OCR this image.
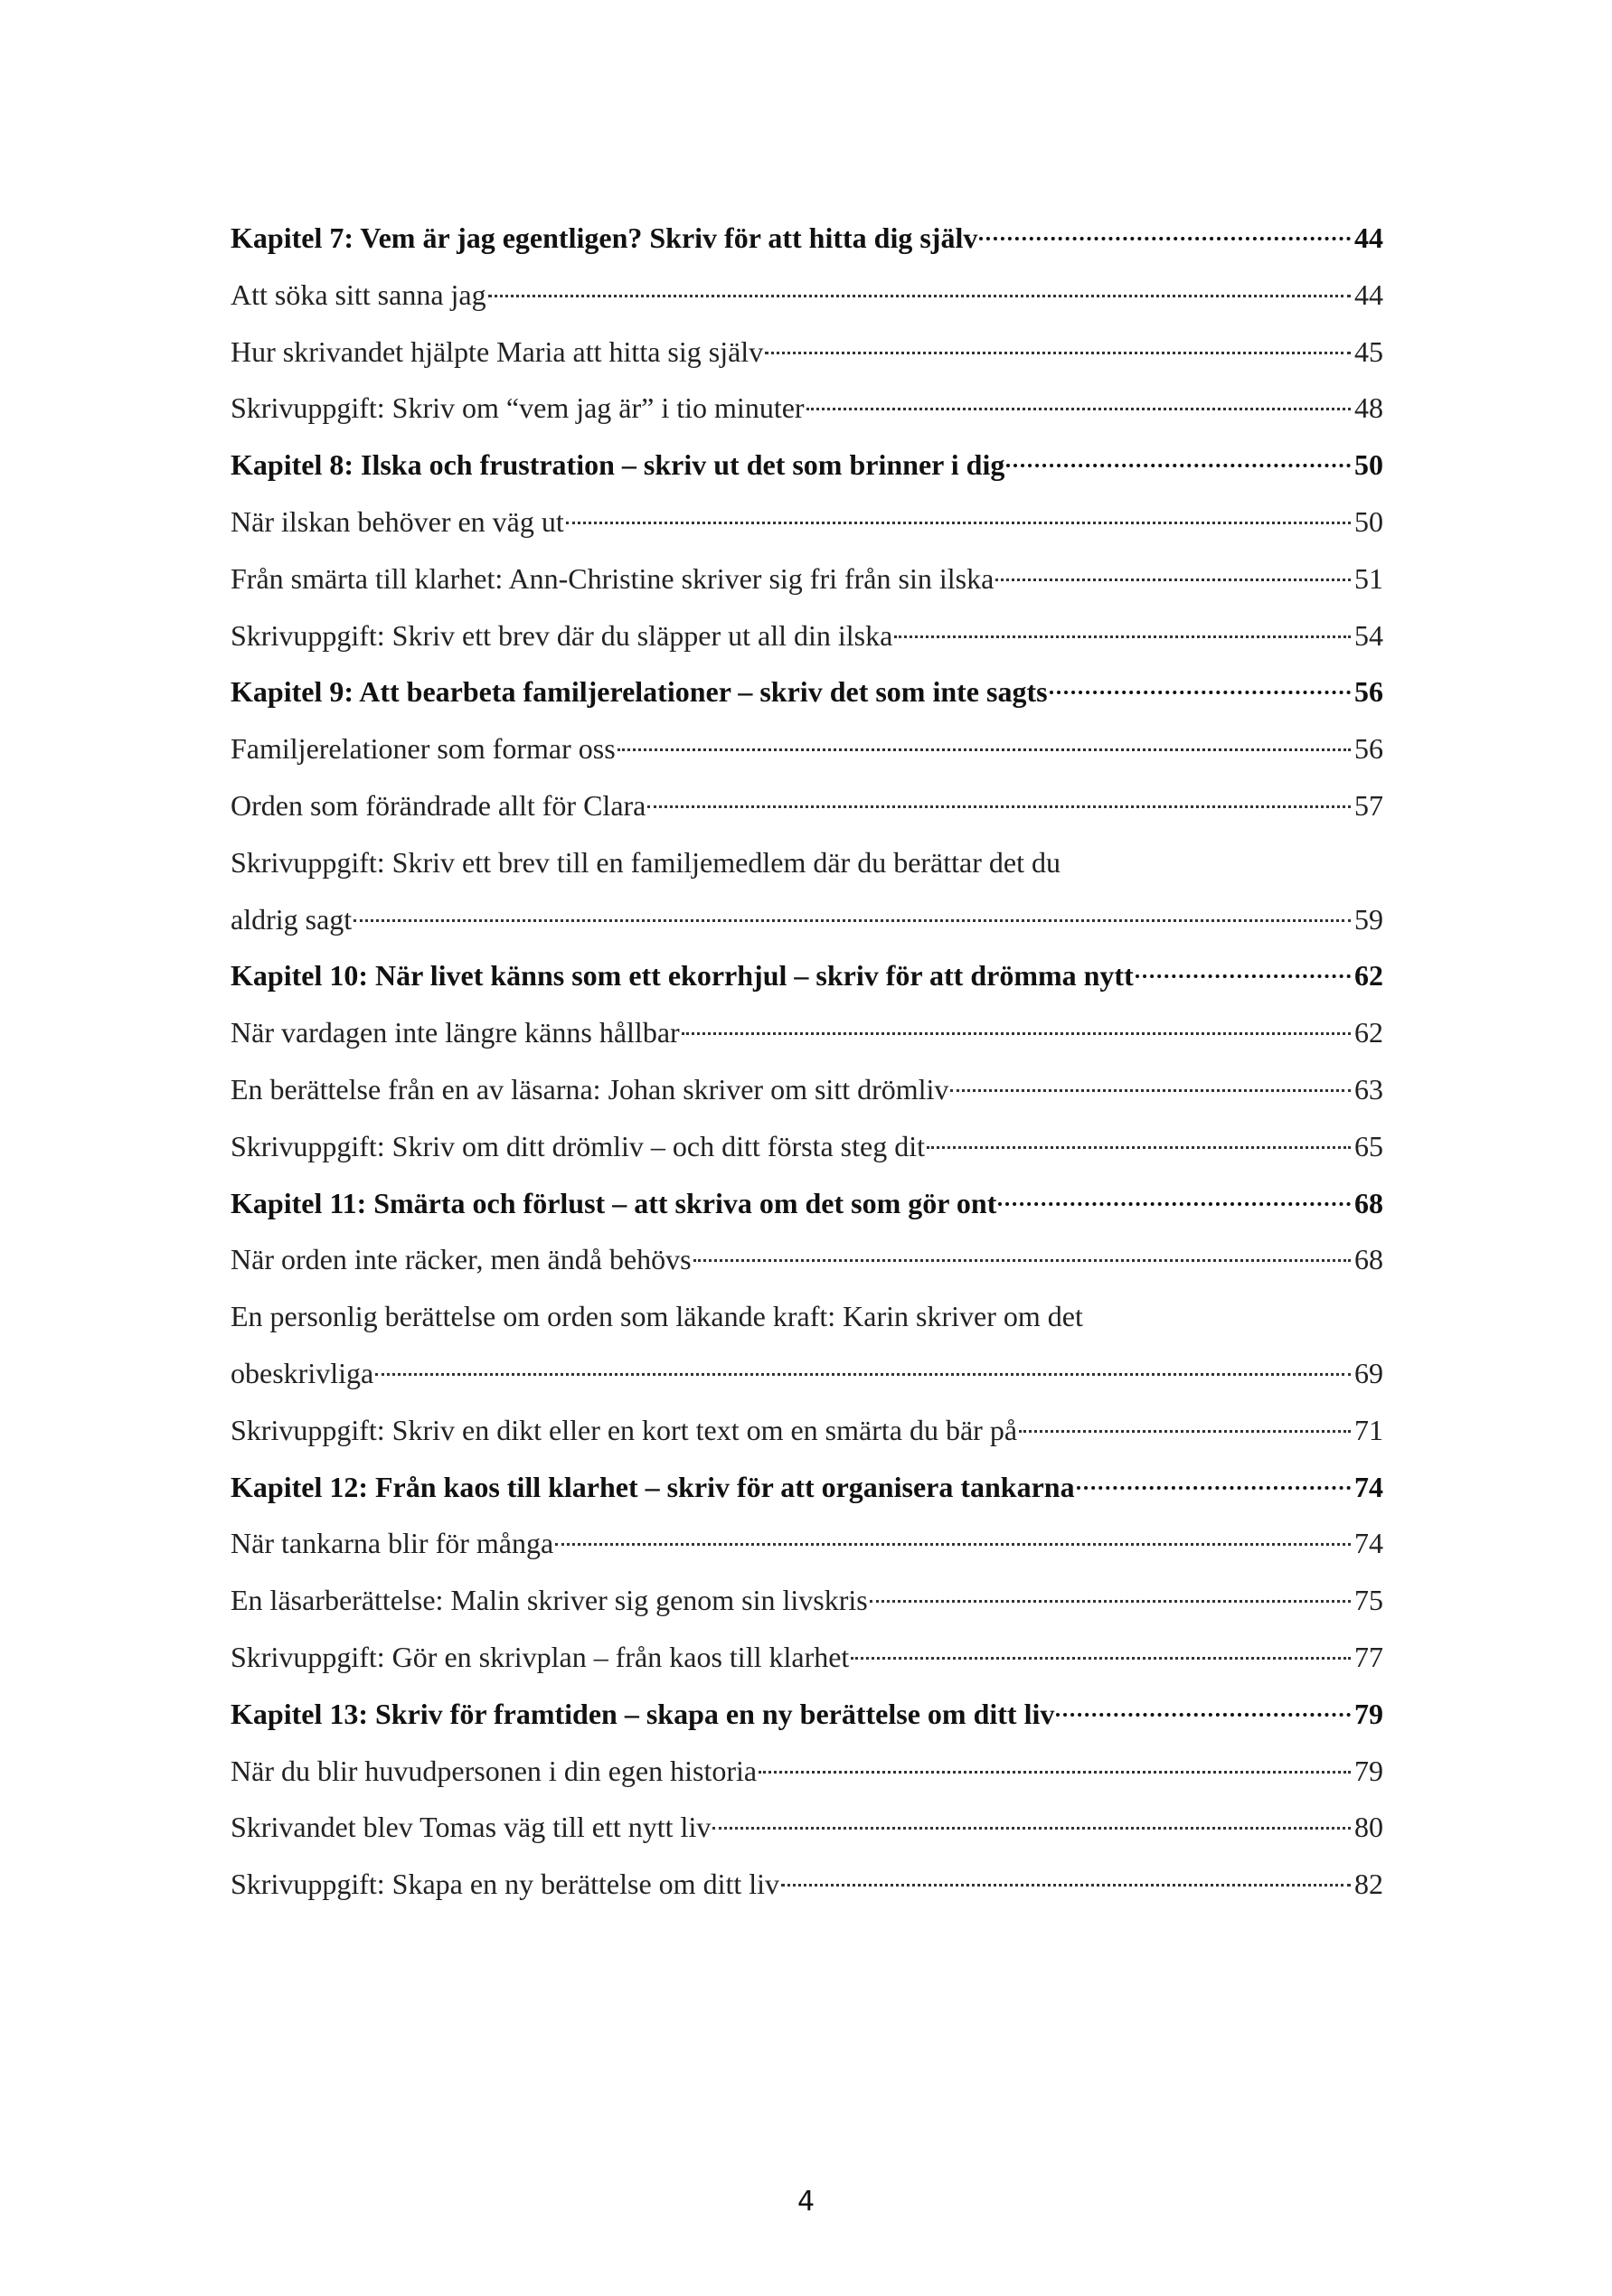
Kapitel 7: Vem är jag egentligen? Skriv för att hitta dig själv	44
Att söka sitt sanna jag	44
Hur skrivandet hjälpte Maria att hitta sig själv	45
Skrivuppgift: Skriv om “vem jag är” i tio minuter	48
Kapitel 8: Ilska och frustration – skriv ut det som brinner i dig	50
När ilskan behöver en väg ut	50
Från smärta till klarhet: Ann-Christine skriver sig fri från sin ilska	51
Skrivuppgift: Skriv ett brev där du släpper ut all din ilska	54
Kapitel 9: Att bearbeta familjerelationer – skriv det som inte sagts	56
Familjerelationer som formar oss	56
Orden som förändrade allt för Clara	57
Skrivuppgift: Skriv ett brev till en familjemedlem där du berättar det du
aldrig sagt	59
Kapitel 10: När livet känns som ett ekorrhjul – skriv för att drömma nytt	62
När vardagen inte längre känns hållbar	62
En berättelse från en av läsarna: Johan skriver om sitt drömliv	63
Skrivuppgift: Skriv om ditt drömliv – och ditt första steg dit	65
Kapitel 11: Smärta och förlust – att skriva om det som gör ont	68
När orden inte räcker, men ändå behövs	68
En personlig berättelse om orden som läkande kraft: Karin skriver om det
obeskrivliga	69
Skrivuppgift: Skriv en dikt eller en kort text om en smärta du bär på	71
Kapitel 12: Från kaos till klarhet – skriv för att organisera tankarna	74
När tankarna blir för många	74
En läsarberättelse: Malin skriver sig genom sin livskris	75
Skrivuppgift: Gör en skrivplan – från kaos till klarhet	77
Kapitel 13: Skriv för framtiden – skapa en ny berättelse om ditt liv	79
När du blir huvudpersonen i din egen historia	79
Skrivandet blev Tomas väg till ett nytt liv	80
Skrivuppgift: Skapa en ny berättelse om ditt liv	82
4
